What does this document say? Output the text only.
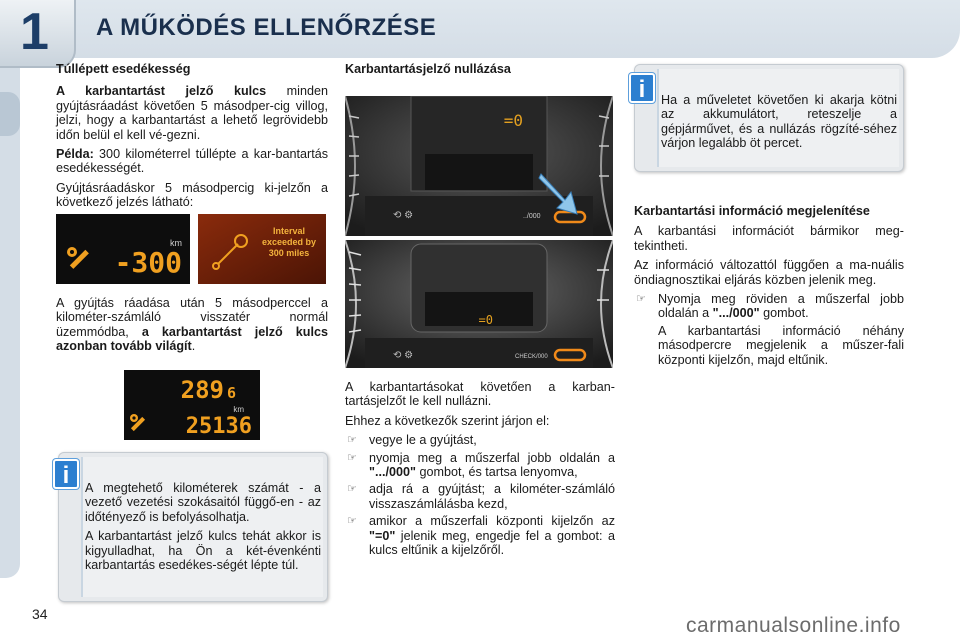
1 A MŰKÖDÉS ELLENŐRZÉSE
Túllépett esedékesség

A karbantartást jelző kulcs minden gyújtásráadást követően 5 másodper-cig villog, jelzi, hogy a karbantartást a lehető legrövidebb időn belül el kell vé-gezni.

Példa: 300 kilométerrel túllépte a kar-bantartás esedékességét.

Gyújtásráadáskor 5 másodpercig ki-jelzőn a következő jelzés látható:

km
-300
Interval exceeded by 300 miles

A gyújtás ráadása után 5 másodperccel a kilométer-számláló visszatér normál üzemmódba, a karbantartást jelző kulcs azonban tovább világít.

289 6
km
25136
i	A megtehető kilométerek számát - a vezető vezetési szokásaitól függő-en - az időtényező is befolyásolhatja.

A karbantartást jelző kulcs tehát akkor is kigyulladhat, ha Ön a két-évenkénti karbantartás esedékes-ségét lépte túl.

Karbantartásjelző nullázása
=0
⟲ ⚙	../000
=0
⟲ ⚙	CHECK/000

A karbantartásokat követően a karban-tartásjelzőt le kell nullázni.

Ehhez a következők szerint járjon el:

☞ vegye le a gyújtást,
☞ nyomja meg a műszerfal jobb oldalán a ".../000" gombot, és tartsa lenyomva,
☞ adja rá a gyújtást; a kilométer-számláló visszaszámlálásba kezd,
☞ amikor a műszerfali központi kijelzőn az "=0" jelenik meg, engedje fel a gombot: a kulcs eltűnik a kijelzőről.
i	Ha a műveletet követően ki akarja kötni az akkumulátort, reteszelje a gépjárművet, és a nullázás rögzíté-séhez várjon legalább öt percet.

Karbantartási információ megjelenítése

A karbantási információt bármikor meg-tekintheti.

Az információ változattól függően a ma-nuális öndiagnosztikai eljárás közben jelenik meg.

☞ Nyomja meg röviden a műszerfal jobb oldalán a ".../000" gombot.

A karbantartási információ néhány másodpercre megjelenik a műszer-fali központi kijelzőn, majd eltűnik.

34	carmanualsonline.info
